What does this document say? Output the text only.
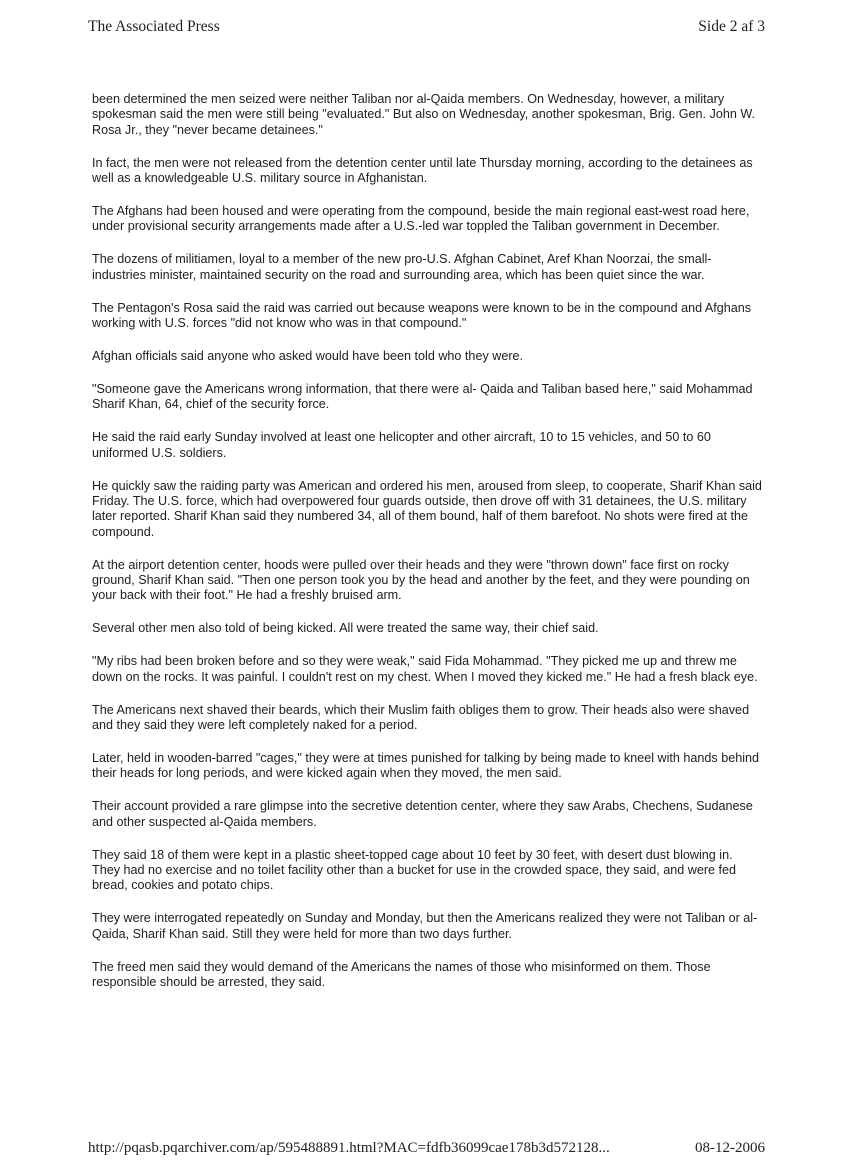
The Associated Press	Side 2 af 3

been determined the men seized were neither Taliban nor al-Qaida members. On Wednesday, however, a military spokesman said the men were still being "evaluated." But also on Wednesday, another spokesman, Brig. Gen. John W. Rosa Jr., they "never became detainees."

In fact, the men were not released from the detention center until late Thursday morning, according to the detainees as well as a knowledgeable U.S. military source in Afghanistan.

The Afghans had been housed and were operating from the compound, beside the main regional east-west road here, under provisional security arrangements made after a U.S.-led war toppled the Taliban government in December.

The dozens of militiamen, loyal to a member of the new pro-U.S. Afghan Cabinet, Aref Khan Noorzai, the small-industries minister, maintained security on the road and surrounding area, which has been quiet since the war.

The Pentagon's Rosa said the raid was carried out because weapons were known to be in the compound and Afghans working with U.S. forces "did not know who was in that compound."

Afghan officials said anyone who asked would have been told who they were.

"Someone gave the Americans wrong information, that there were al- Qaida and Taliban based here," said Mohammad Sharif Khan, 64, chief of the security force.

He said the raid early Sunday involved at least one helicopter and other aircraft, 10 to 15 vehicles, and 50 to 60 uniformed U.S. soldiers.

He quickly saw the raiding party was American and ordered his men, aroused from sleep, to cooperate, Sharif Khan said Friday. The U.S. force, which had overpowered four guards outside, then drove off with 31 detainees, the U.S. military later reported. Sharif Khan said they numbered 34, all of them bound, half of them barefoot. No shots were fired at the compound.

At the airport detention center, hoods were pulled over their heads and they were "thrown down" face first on rocky ground, Sharif Khan said. "Then one person took you by the head and another by the feet, and they were pounding on your back with their foot." He had a freshly bruised arm.

Several other men also told of being kicked. All were treated the same way, their chief said.

"My ribs had been broken before and so they were weak," said Fida Mohammad. "They picked me up and threw me down on the rocks. It was painful. I couldn't rest on my chest. When I moved they kicked me." He had a fresh black eye.

The Americans next shaved their beards, which their Muslim faith obliges them to grow. Their heads also were shaved and they said they were left completely naked for a period.

Later, held in wooden-barred "cages," they were at times punished for talking by being made to kneel with hands behind their heads for long periods, and were kicked again when they moved, the men said.

Their account provided a rare glimpse into the secretive detention center, where they saw Arabs, Chechens, Sudanese and other suspected al-Qaida members.

They said 18 of them were kept in a plastic sheet-topped cage about 10 feet by 30 feet, with desert dust blowing in. They had no exercise and no toilet facility other than a bucket for use in the crowded space, they said, and were fed bread, cookies and potato chips.

They were interrogated repeatedly on Sunday and Monday, but then the Americans realized they were not Taliban or al-Qaida, Sharif Khan said. Still they were held for more than two days further.

The freed men said they would demand of the Americans the names of those who misinformed on them. Those responsible should be arrested, they said.

http://pqasb.pqarchiver.com/ap/595488891.html?MAC=fdfb36099cae178b3d572128...	08-12-2006
